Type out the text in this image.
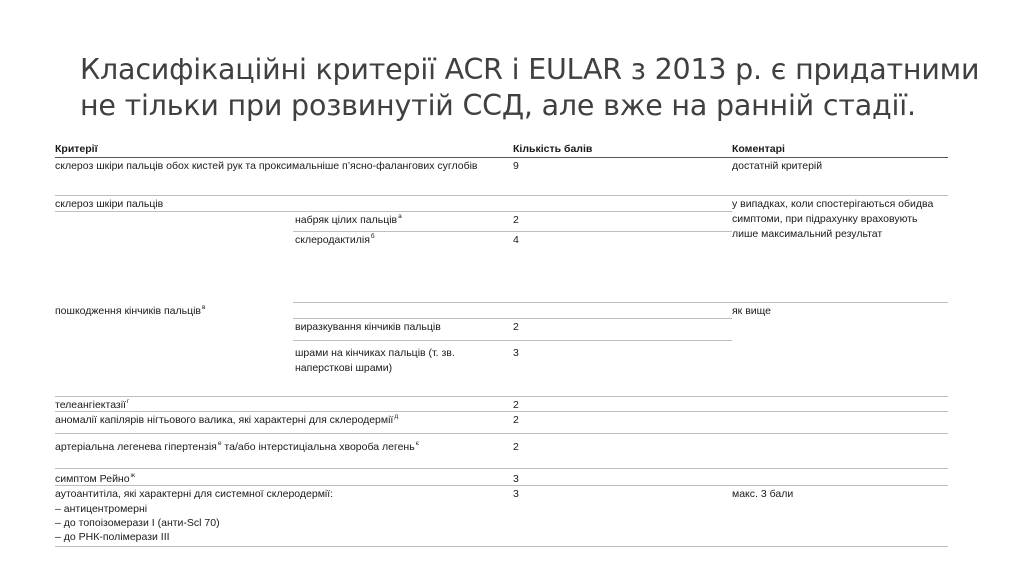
Класифікаційні критерії ACR і EULAR з 2013 р. є придатними не тільки при розвинутій ССД, але вже на ранній стадії.
Критерії	Кількість балів	Коментарі
склероз шкіри пальців обох кистей рук та проксимальніше п’ясно-фаланговиx суглобів	9	достатній критерій
склероз шкіри пальців	у випадках, коли спостерігаються обидва
симптоми, при підрахунку враховують
лише максимальний результат
набряк цілих пальців$^а$	2
склеродактилія$^б$	4
пошкодження кінчиків пальців$^в$	як вище
виразкування кінчиків пальців	2
шрами на кінчиках пальців (т. зв.
наперсткові шрами)
3
телеангіектазії$^г$	2
аномалії капілярів нігтьового валика, які характерні для склеродермії$^д$	2
артеріальна легенева гіпертензія$^е$ та/або інтерстиціальна хвороба легень$^є$	2
симптом Рейно$^ж$	3
аутоантитіла, які характерні для системної склеродермії:
– антицентромерні
– до топоізомерази I (анти-Scl 70)
– до РНК-полімерази III
3	макс. 3 бали
